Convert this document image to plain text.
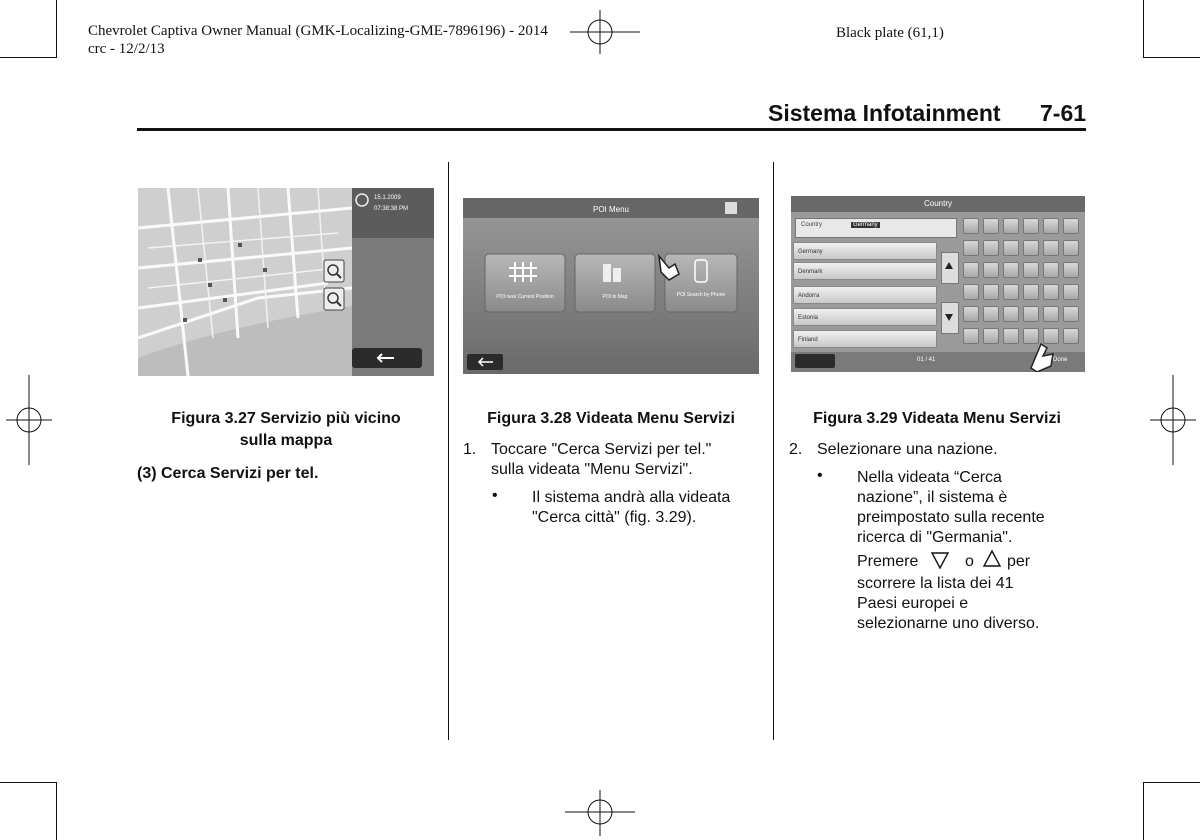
Chevrolet Captiva Owner Manual (GMK-Localizing-GME-7896196) - 2014
crc - 12/2/13
Black plate (61,1)
Sistema Infotainment 7-61
15.1.2009
07:38:38 PM
Figura 3.27 Servizio più vicino
sulla mappa
(3) Cerca Servizi per tel.
POI Menu
POI near Current Position	POI in Map	POI Search by Phone
Figura 3.28 Videata Menu Servizi
1. Toccare "Cerca Servizi per tel."
sulla videata "Menu Servizi".
• Il sistema andrà alla videata
"Cerca città" (fig. 3.29).
Country
Country	Germany
Germany
Denmark
Andorra
Estonia
Finland
01 / 41	Done
Figura 3.29 Videata Menu Servizi
2. Selezionare una nazione.
• Nella videata “Cerca
nazione”, il sistema è
preimpostato sulla recente
ricerca di "Germania".
Premere	o per
scorrere la lista dei 41
Paesi europei e
selezionarne uno diverso.
